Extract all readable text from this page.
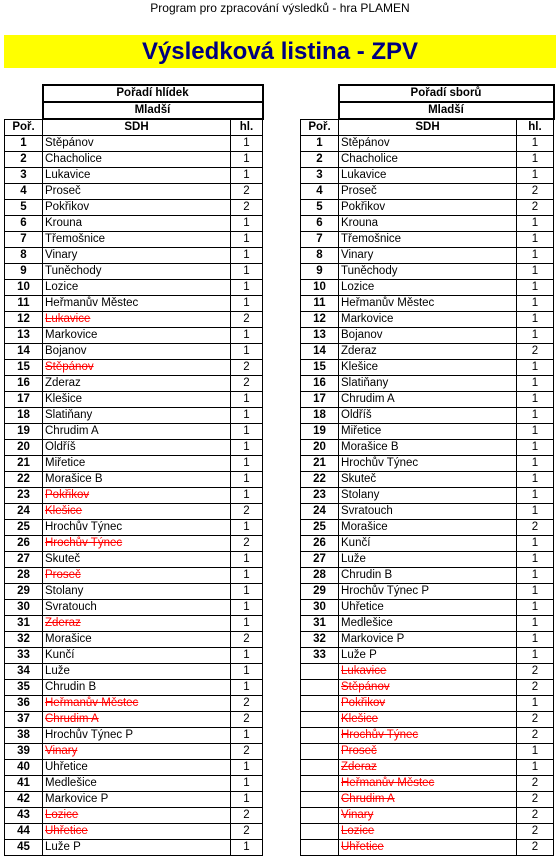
Program pro zpracování výsledků - hra PLAMEN
Výsledková listina - ZPV
	Pořadí hlídek	
	Mladší	
Poř.	SDH	hl.
1	Stěpánov	1
2	Chacholice	1
3	Lukavice	1
4	Proseč	2
5	Pokřikov	2
6	Krouna	1
7	Třemošnice	1
8	Vinary	1
9	Tuněchody	1
10	Lozice	1
11	Heřmanův Městec	1
12	Lukavice	2
13	Markovice	1
14	Bojanov	1
15	Stěpánov	2
16	Zderaz	2
17	Klešice	1
18	Slatiňany	1
19	Chrudim A	1
20	Oldříš	1
21	Miřetice	1
22	Morašice B	1
23	Pokřikov	1
24	Klešice	2
25	Hrochův Týnec	1
26	Hrochův Týnec	2
27	Skuteč	1
28	Proseč	1
29	Stolany	1
30	Svratouch	1
31	Zderaz	1
32	Morašice	2
33	Kunčí	1
34	Luže	1
35	Chrudin B	1
36	Heřmanův Městec	2
37	Chrudim A	2
38	Hrochův Týnec P	1
39	Vinary	2
40	Uhřetice	1
41	Medlešice	1
42	Markovice P	1
43	Lozice	2
44	Uhřetice	2
45	Luže P	1
	Pořadí sborů	
	Mladší	
Poř.	SDH	hl.
1	Stěpánov	1
2	Chacholice	1
3	Lukavice	1
4	Proseč	2
5	Pokřikov	2
6	Krouna	1
7	Třemošnice	1
8	Vinary	1
9	Tuněchody	1
10	Lozice	1
11	Heřmanův Městec	1
12	Markovice	1
13	Bojanov	1
14	Zderaz	2
15	Klešice	1
16	Slatiňany	1
17	Chrudim A	1
18	Oldříš	1
19	Miřetice	1
20	Morašice B	1
21	Hrochův Týnec	1
22	Skuteč	1
23	Stolany	1
24	Svratouch	1
25	Morašice	2
26	Kunčí	1
27	Luže	1
28	Chrudin B	1
29	Hrochův Týnec P	1
30	Uhřetice	1
31	Medlešice	1
32	Markovice P	1
33	Luže P	1
	Lukavice	2
	Stěpánov	2
	Pokřikov	1
	Klešice	2
	Hrochův Týnec	2
	Proseč	1
	Zderaz	1
	Heřmanův Městec	2
	Chrudim A	2
	Vinary	2
	Lozice	2
	Uhřetice	2
